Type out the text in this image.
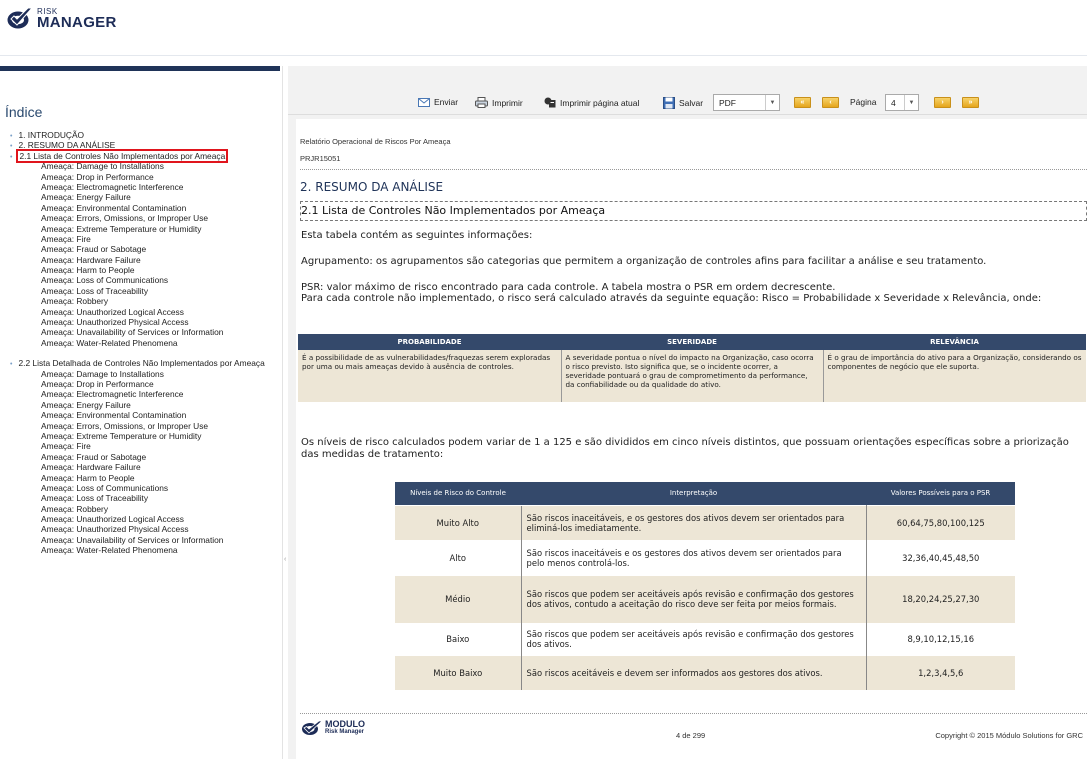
RISK
MANAGER
Índice
• 1. INTRODUÇÃO
• 2. RESUMO DA ANÁLISE
• 2.1 Lista de Controles Não Implementados por Ameaça
Ameaça: Damage to Installations
Ameaça: Drop in Performance
Ameaça: Electromagnetic Interference
Ameaça: Energy Failure
Ameaça: Environmental Contamination
Ameaça: Errors, Omissions, or Improper Use
Ameaça: Extreme Temperature or Humidity
Ameaça: Fire
Ameaça: Fraud or Sabotage
Ameaça: Hardware Failure
Ameaça: Harm to People
Ameaça: Loss of Communications
Ameaça: Loss of Traceability
Ameaça: Robbery
Ameaça: Unauthorized Logical Access
Ameaça: Unauthorized Physical Access
Ameaça: Unavailability of Services or Information
Ameaça: Water-Related Phenomena
• 2.2 Lista Detalhada de Controles Não Implementados por Ameaça
Ameaça: Damage to Installations
Ameaça: Drop in Performance
Ameaça: Electromagnetic Interference
Ameaça: Energy Failure
Ameaça: Environmental Contamination
Ameaça: Errors, Omissions, or Improper Use
Ameaça: Extreme Temperature or Humidity
Ameaça: Fire
Ameaça: Fraud or Sabotage
Ameaça: Hardware Failure
Ameaça: Harm to People
Ameaça: Loss of Communications
Ameaça: Loss of Traceability
Ameaça: Robbery
Ameaça: Unauthorized Logical Access
Ameaça: Unauthorized Physical Access
Ameaça: Unavailability of Services or Information
Ameaça: Water-Related Phenomena
‹
Enviar	Imprimir	Imprimir página atual	Salvar PDF	▼	«	‹ Página 4	▼	›	»
Relatório Operacional de Riscos Por Ameaça
PRJR15051
2. RESUMO DA ANÁLISE
2.1 Lista de Controles Não Implementados por Ameaça
Esta tabela contém as seguintes informações:
Agrupamento: os agrupamentos são categorias que permitem a organização de controles afins para facilitar a análise e seu tratamento.
PSR: valor máximo de risco encontrado para cada controle. A tabela mostra o PSR em ordem decrescente.
Para cada controle não implementado, o risco será calculado através da seguinte equação: Risco = Probabilidade x Severidade x Relevância, onde:
PROBABILIDADE	SEVERIDADE	RELEVÂNCIA
É a possibilidade de as vulnerabilidades/fraquezas serem exploradas por uma ou mais ameaças devido à ausência de controles.	A severidade pontua o nível do impacto na Organização, caso ocorra o risco previsto. Isto significa que, se o incidente ocorrer, a severidade pontuará o grau de comprometimento da performance, da confiabilidade ou da qualidade do ativo.	É o grau de importância do ativo para a Organização, considerando os componentes de negócio que ele suporta.
Os níveis de risco calculados podem variar de 1 a 125 e são divididos em cinco níveis distintos, que possuam orientações específicas sobre a priorização das medidas de tratamento:
Níveis de Risco do Controle	Interpretação	Valores Possíveis para o PSR
Muito Alto	São riscos inaceitáveis, e os gestores dos ativos devem ser orientados para eliminá-los imediatamente.	60,64,75,80,100,125
Alto	São riscos inaceitáveis e os gestores dos ativos devem ser orientados para pelo menos controlá-los.	32,36,40,45,48,50
Médio	São riscos que podem ser aceitáveis após revisão e confirmação dos gestores dos ativos, contudo a aceitação do risco deve ser feita por meios formais.	18,20,24,25,27,30
Baixo	São riscos que podem ser aceitáveis após revisão e confirmação dos gestores dos ativos.	8,9,10,12,15,16
Muito Baixo	São riscos aceitáveis e devem ser informados aos gestores dos ativos.	1,2,3,4,5,6
MODULO
Risk Manager	4 de 299	Copyright © 2015 Módulo Solutions for GRC
